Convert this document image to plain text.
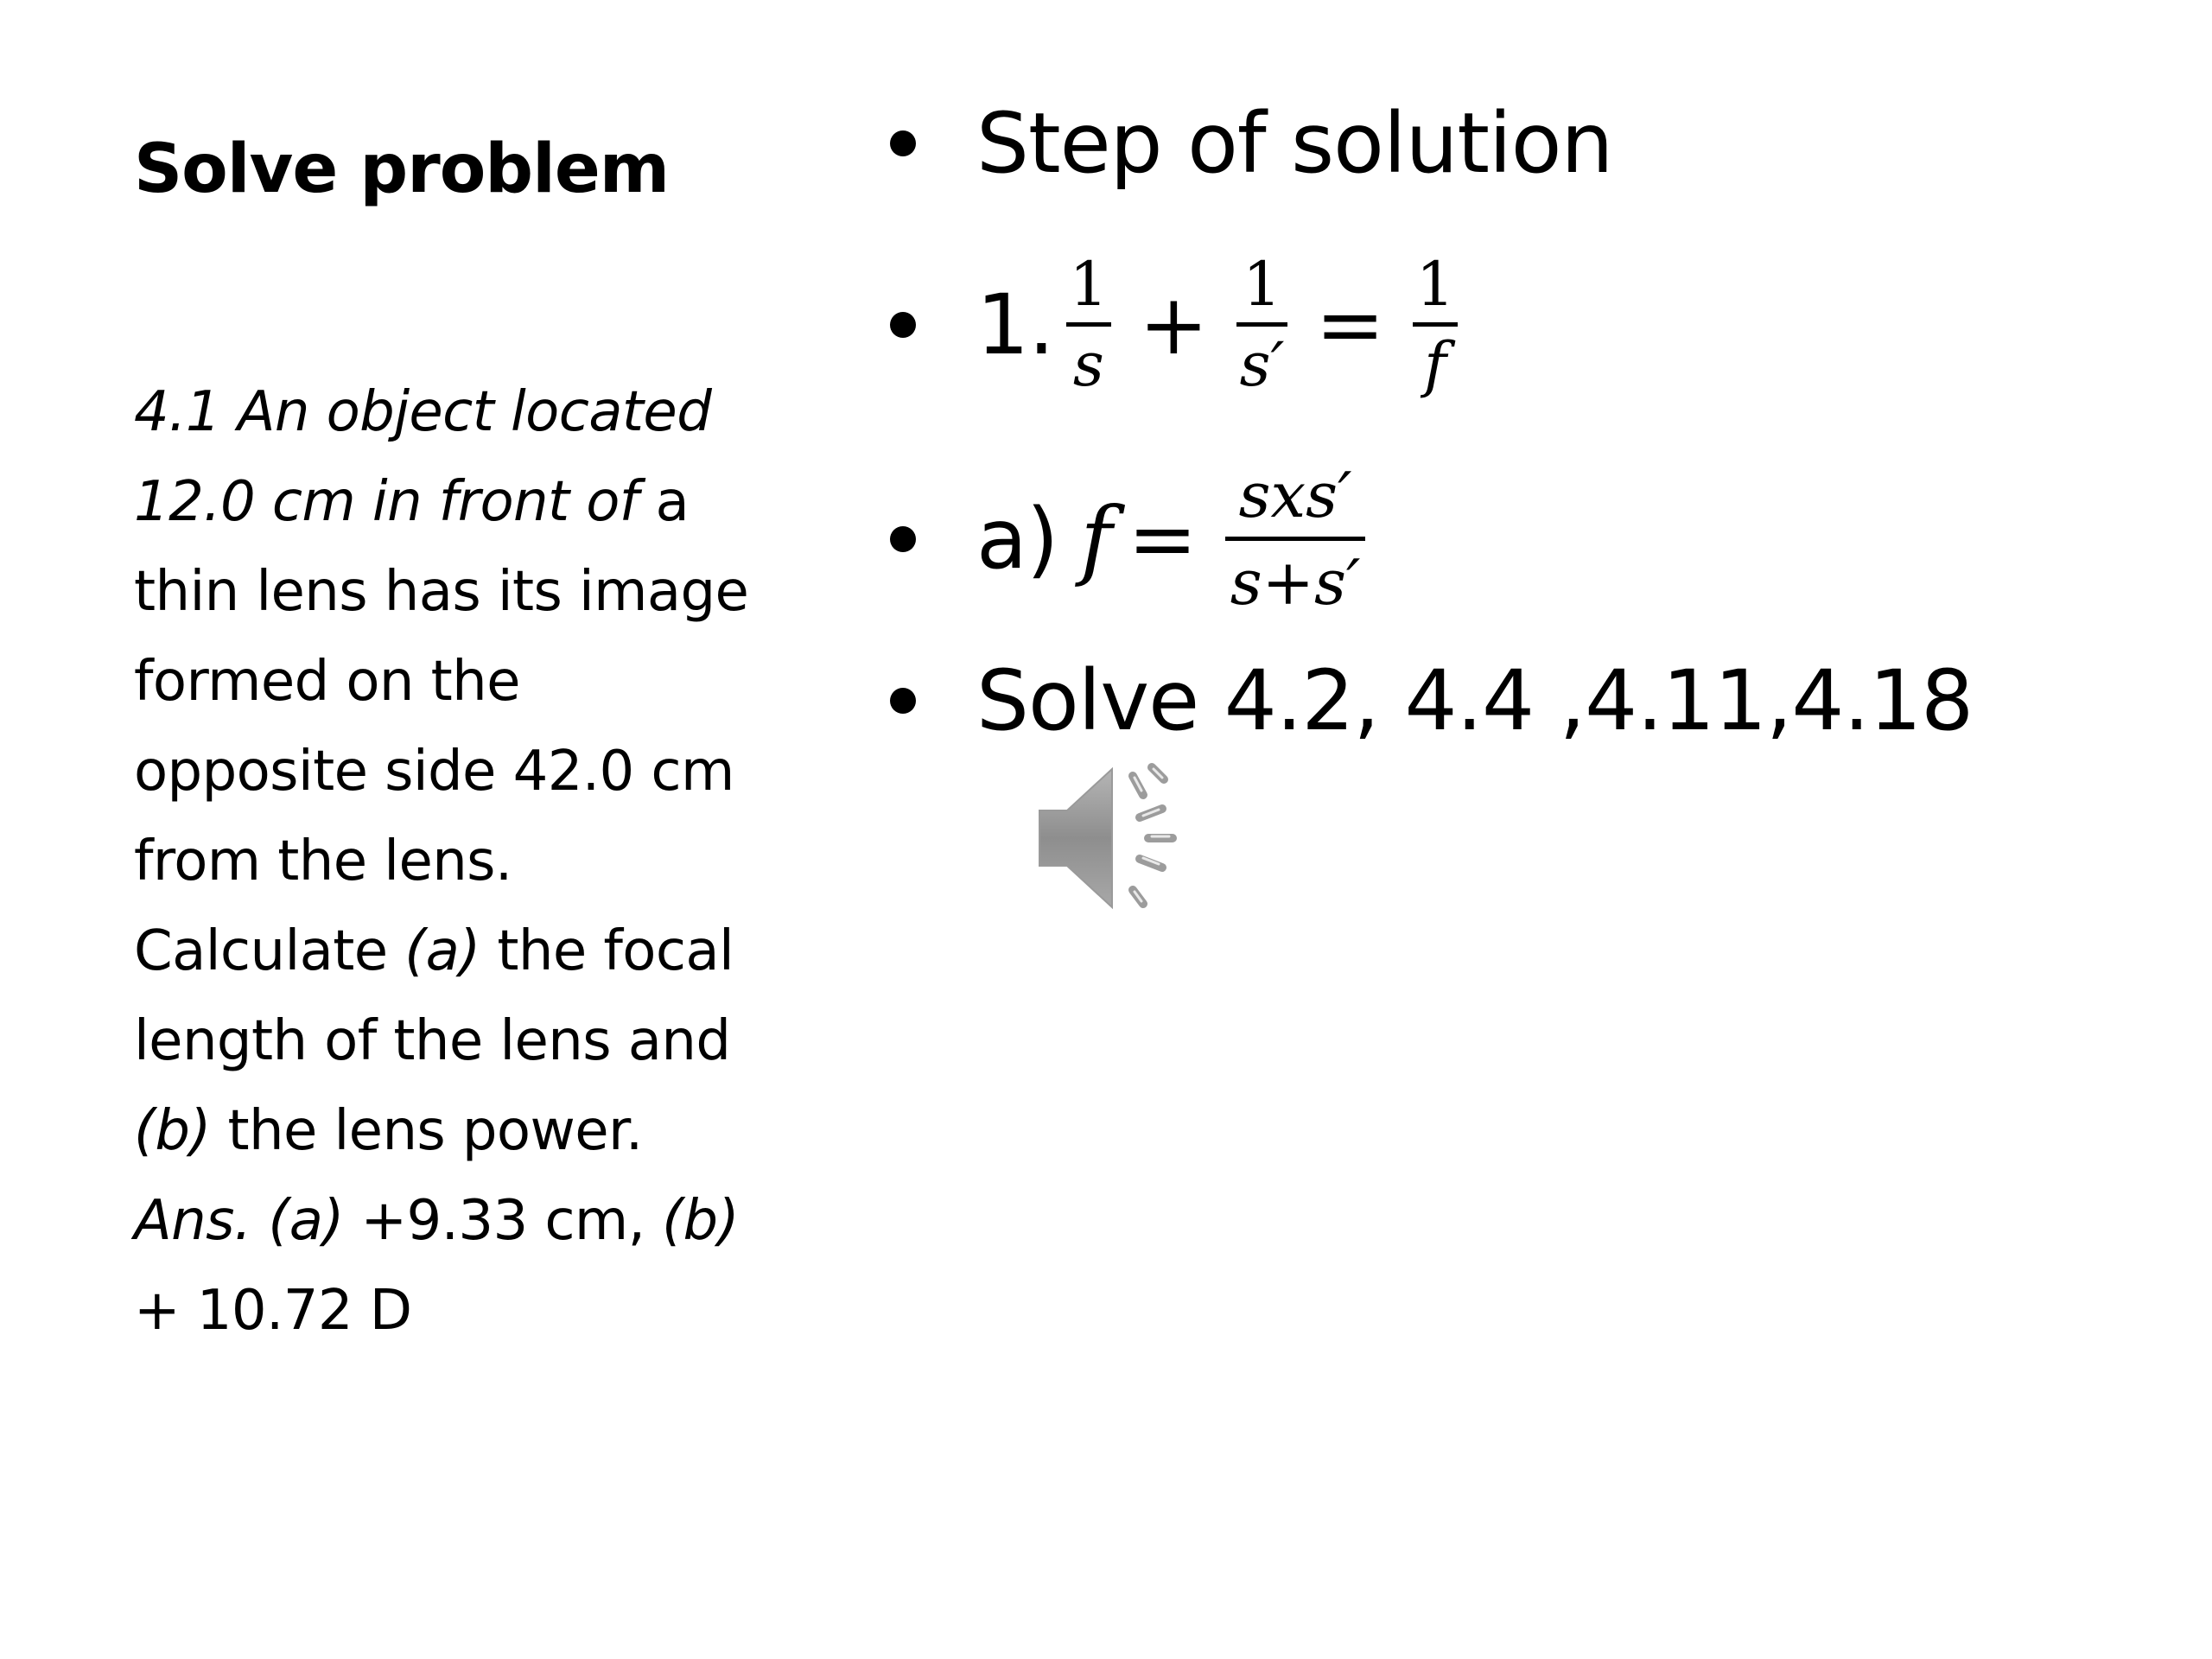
Solve problem

4.1 An object located

12.0 cm in front of a

thin lens has its image

formed on the

opposite side 42.0 cm

from the lens.

Calculate (a) the focal

length of the lens and

(b) the lens power.

Ans. (a) +9.33 cm, (b)

+ 10.72 D

Step of solution
1. 1
s + 1
s′ = 1
f
a) f = sxs′
s+s′
Solve 4.2, 4.4 ,4.11,4.18
